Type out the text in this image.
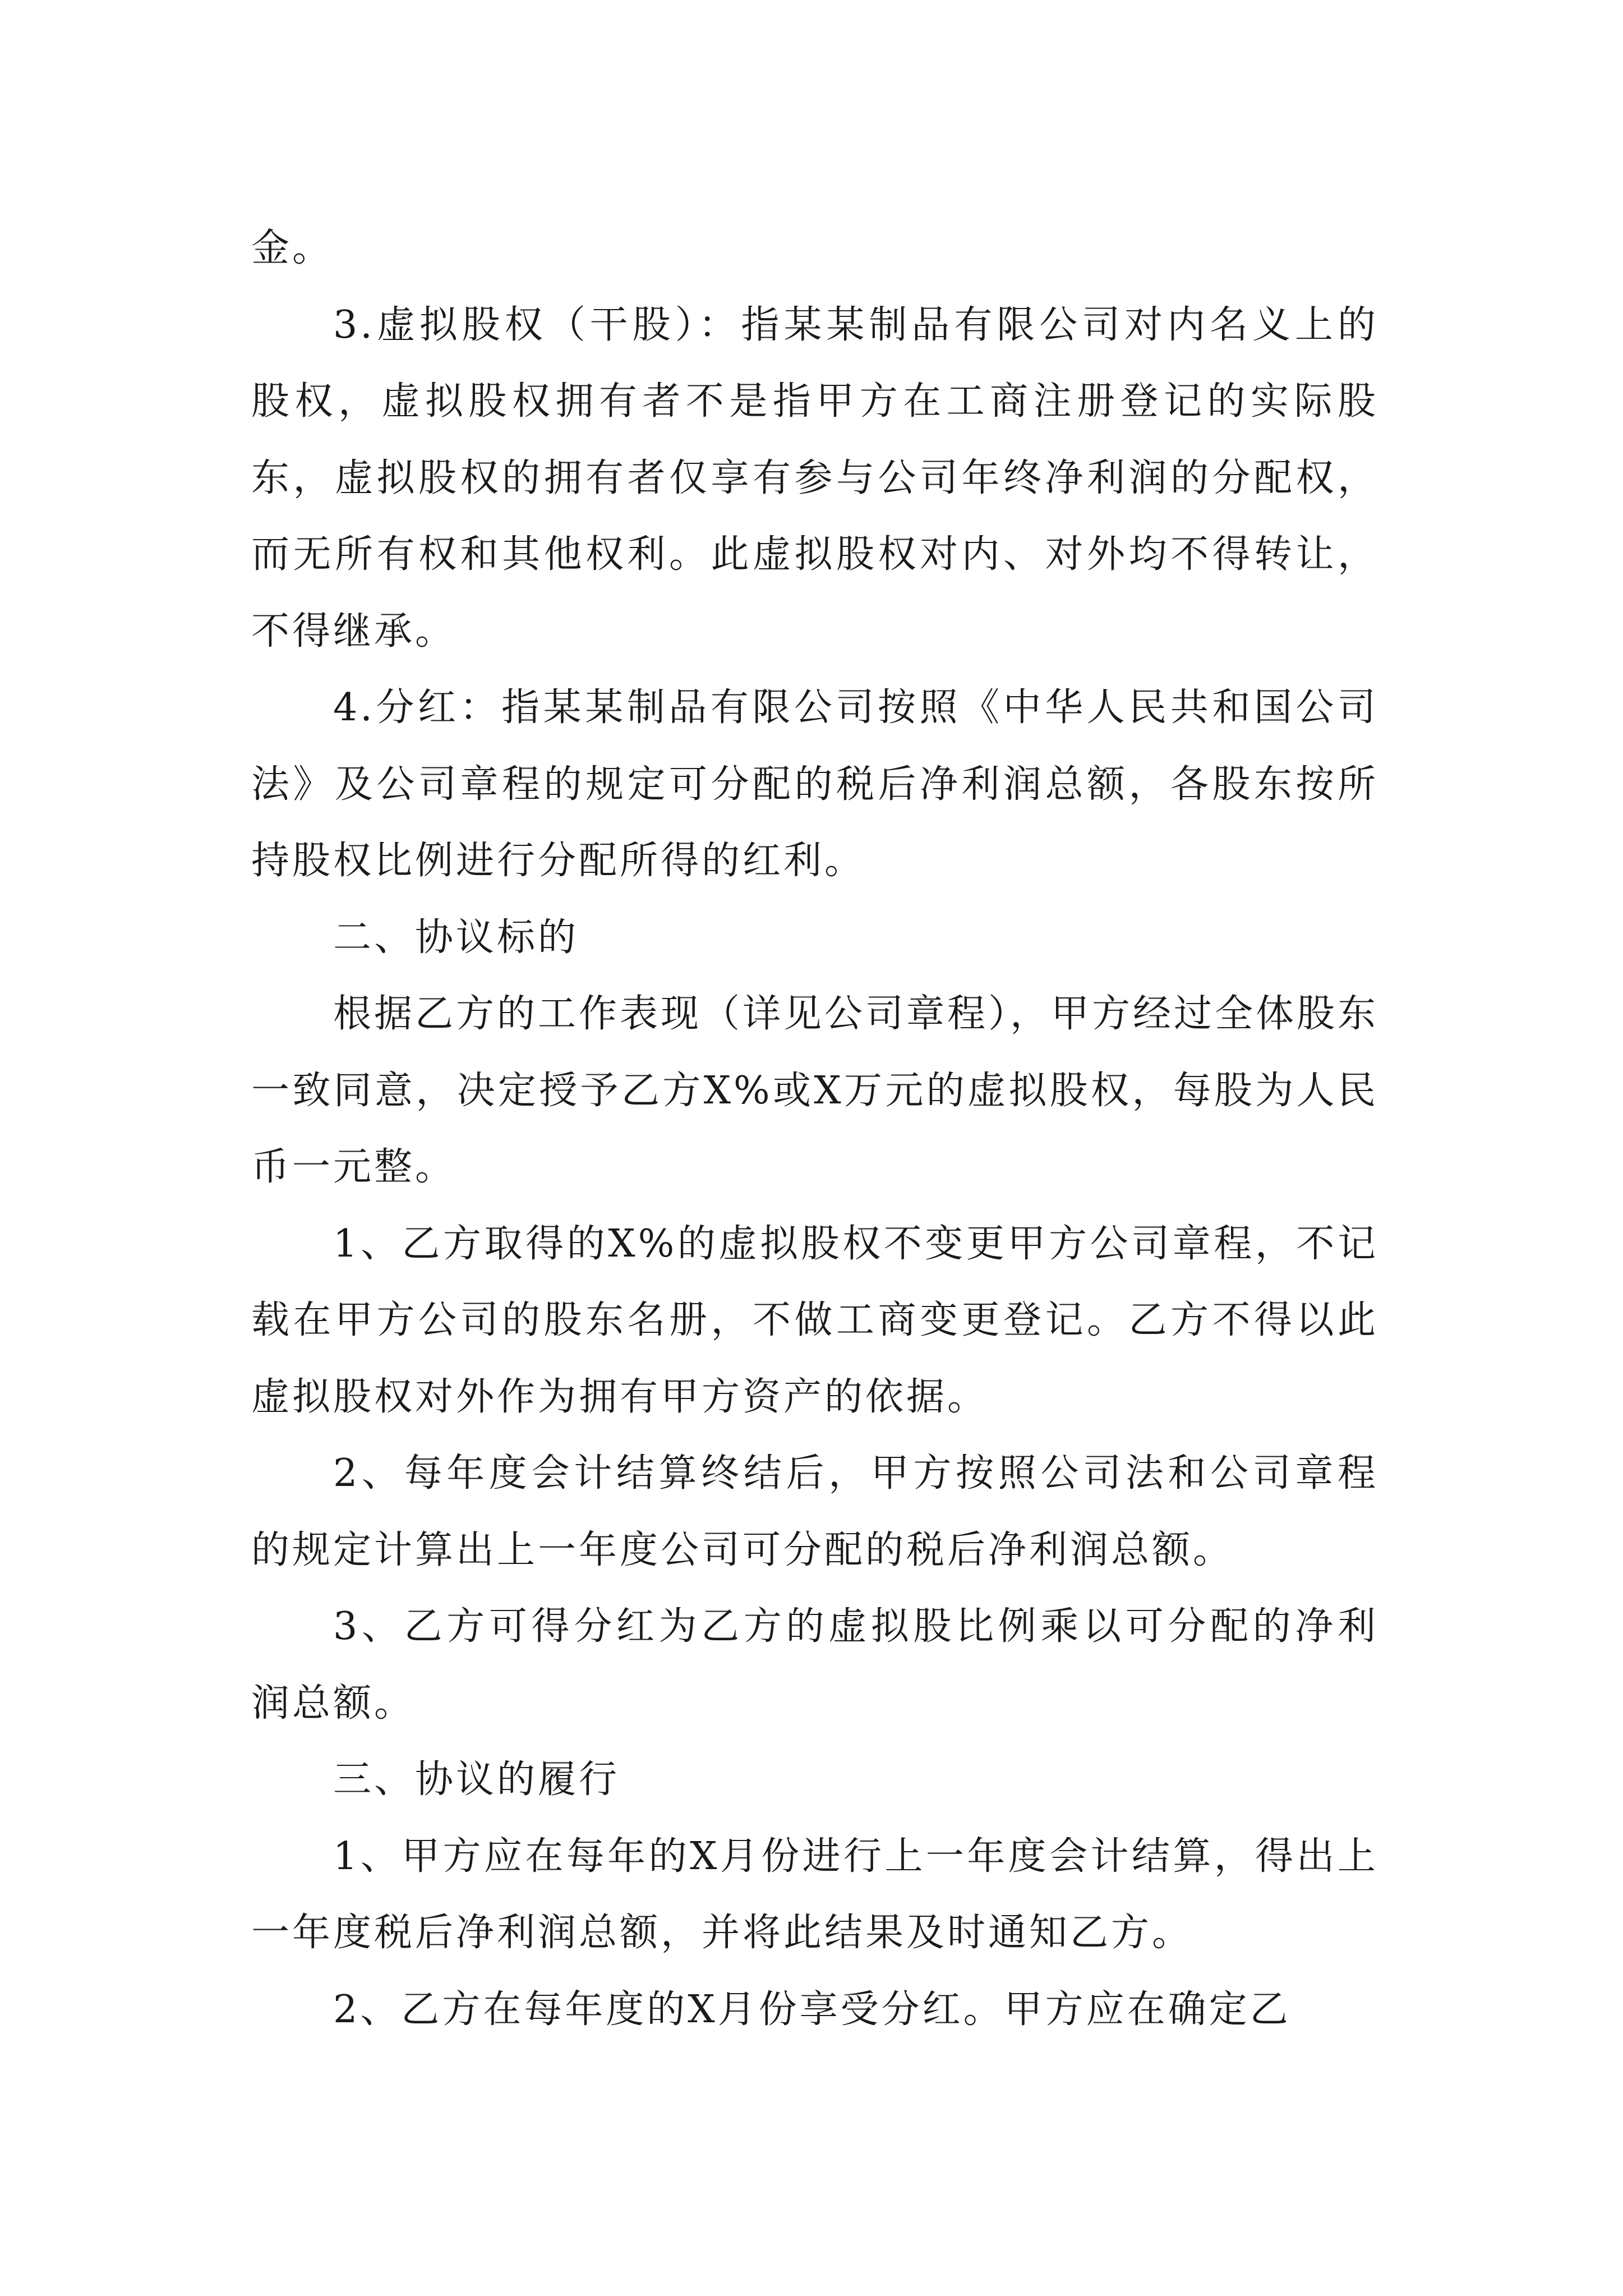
金。

3.虚拟股权（干股）：指某某制品有限公司对内名义上的股权，虚拟股权拥有者不是指甲方在工商注册登记的实际股东，虚拟股权的拥有者仅享有参与公司年终净利润的分配权，而无所有权和其他权利。此虚拟股权对内、对外均不得转让，不得继承。

4.分红：指某某制品有限公司按照《中华人民共和国公司法》及公司章程的规定可分配的税后净利润总额，各股东按所持股权比例进行分配所得的红利。

二、协议标的

根据乙方的工作表现（详见公司章程），甲方经过全体股东一致同意，决定授予乙方X%或X万元的虚拟股权，每股为人民币一元整。

1、乙方取得的X%的虚拟股权不变更甲方公司章程，不记载在甲方公司的股东名册，不做工商变更登记。乙方不得以此虚拟股权对外作为拥有甲方资产的依据。

2、每年度会计结算终结后，甲方按照公司法和公司章程的规定计算出上一年度公司可分配的税后净利润总额。

3、乙方可得分红为乙方的虚拟股比例乘以可分配的净利润总额。

三、协议的履行

1、甲方应在每年的X月份进行上一年度会计结算，得出上一年度税后净利润总额，并将此结果及时通知乙方。

2、乙方在每年度的X月份享受分红。甲方应在确定乙
